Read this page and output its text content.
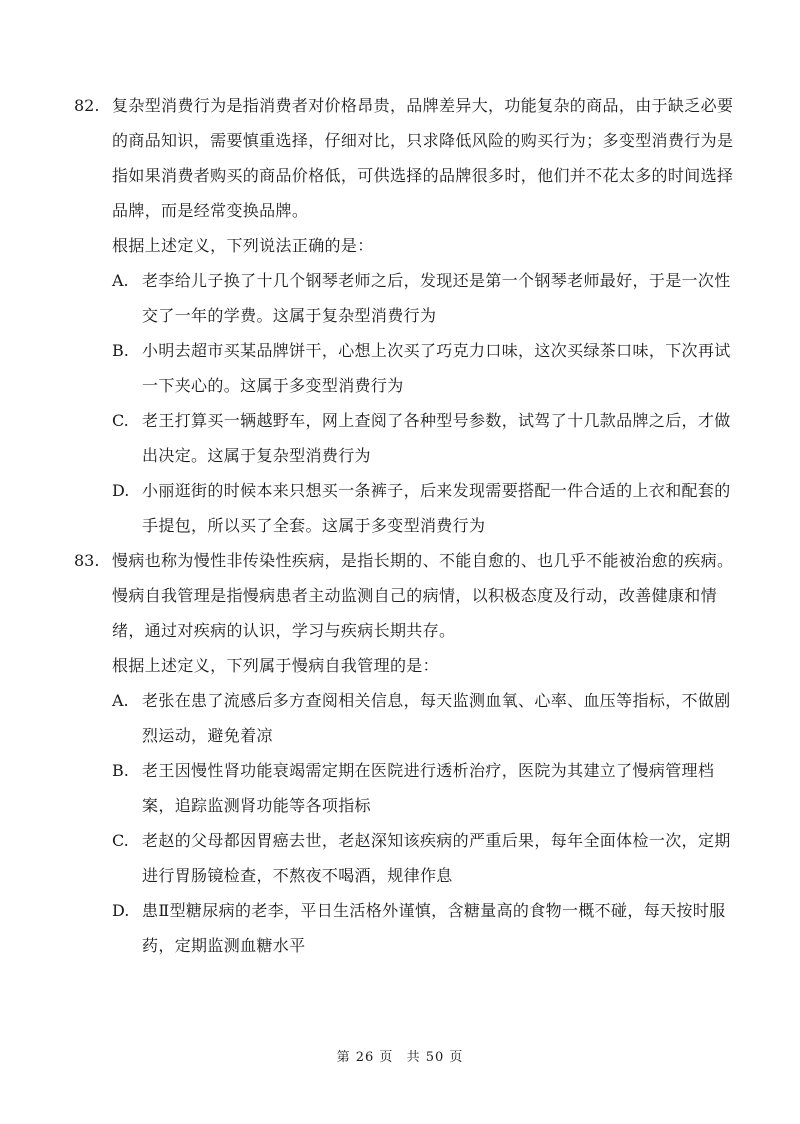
82. 复杂型消费行为是指消费者对价格昂贵，品牌差异大，功能复杂的商品，由于缺乏必要
的商品知识，需要慎重选择，仔细对比，只求降低风险的购买行为；多变型消费行为是
指如果消费者购买的商品价格低，可供选择的品牌很多时，他们并不花太多的时间选择
品牌，而是经常变换品牌。
根据上述定义，下列说法正确的是：
A. 老李给儿子换了十几个钢琴老师之后，发现还是第一个钢琴老师最好，于是一次性
交了一年的学费。这属于复杂型消费行为
B. 小明去超市买某品牌饼干，心想上次买了巧克力口味，这次买绿茶口味，下次再试
一下夹心的。这属于多变型消费行为
C. 老王打算买一辆越野车，网上查阅了各种型号参数，试驾了十几款品牌之后，才做
出决定。这属于复杂型消费行为
D. 小丽逛街的时候本来只想买一条裤子，后来发现需要搭配一件合适的上衣和配套的
手提包，所以买了全套。这属于多变型消费行为
83. 慢病也称为慢性非传染性疾病，是指长期的、不能自愈的、也几乎不能被治愈的疾病。
慢病自我管理是指慢病患者主动监测自己的病情，以积极态度及行动，改善健康和情
绪，通过对疾病的认识，学习与疾病长期共存。
根据上述定义，下列属于慢病自我管理的是：
A. 老张在患了流感后多方查阅相关信息，每天监测血氧、心率、血压等指标，不做剧
烈运动，避免着凉
B. 老王因慢性肾功能衰竭需定期在医院进行透析治疗，医院为其建立了慢病管理档
案，追踪监测肾功能等各项指标
C. 老赵的父母都因胃癌去世，老赵深知该疾病的严重后果，每年全面体检一次，定期
进行胃肠镜检查，不熬夜不喝酒，规律作息
D. 患Ⅱ型糖尿病的老李，平日生活格外谨慎，含糖量高的食物一概不碰，每天按时服
药，定期监测血糖水平
第 26 页 共 50 页
